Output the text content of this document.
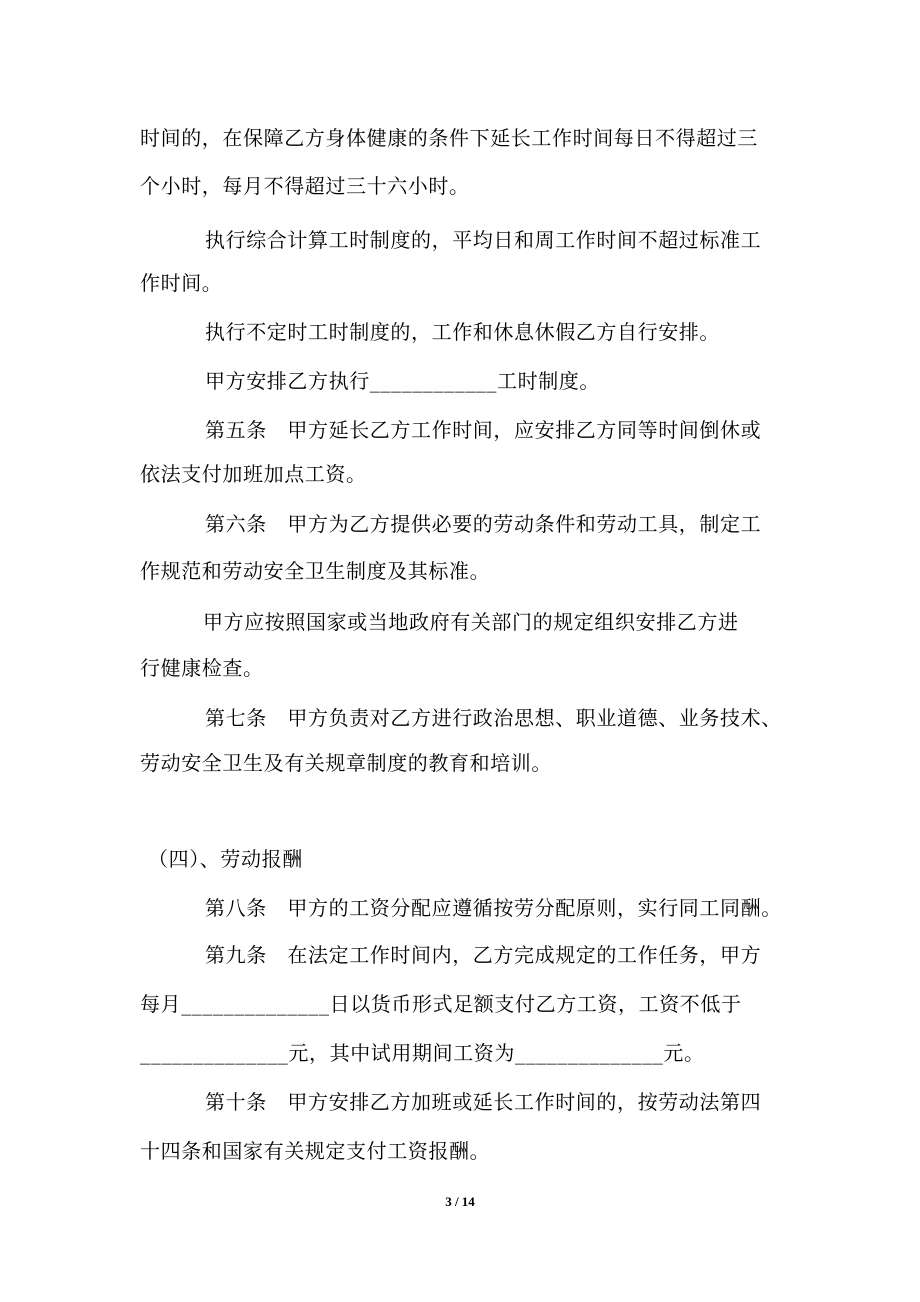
时间的，在保障乙方身体健康的条件下延长工作时间每日不得超过三
个小时，每月不得超过三十六小时。
执行综合计算工时制度的，平均日和周工作时间不超过标准工
作时间。
执行不定时工时制度的，工作和休息休假乙方自行安排。
甲方安排乙方执行____________工时制度。
第五条　甲方延长乙方工作时间，应安排乙方同等时间倒休或
依法支付加班加点工资。
第六条　甲方为乙方提供必要的劳动条件和劳动工具，制定工
作规范和劳动安全卫生制度及其标准。
甲方应按照国家或当地政府有关部门的规定组织安排乙方进
行健康检查。
第七条　甲方负责对乙方进行政治思想、职业道德、业务技术、
劳动安全卫生及有关规章制度的教育和培训。
（四）、劳动报酬
第八条　甲方的工资分配应遵循按劳分配原则，实行同工同酬。
第九条　在法定工作时间内，乙方完成规定的工作任务，甲方
每月______________日以货币形式足额支付乙方工资，工资不低于
______________元，其中试用期间工资为______________元。
第十条　甲方安排乙方加班或延长工作时间的，按劳动法第四
十四条和国家有关规定支付工资报酬。
3 / 14
